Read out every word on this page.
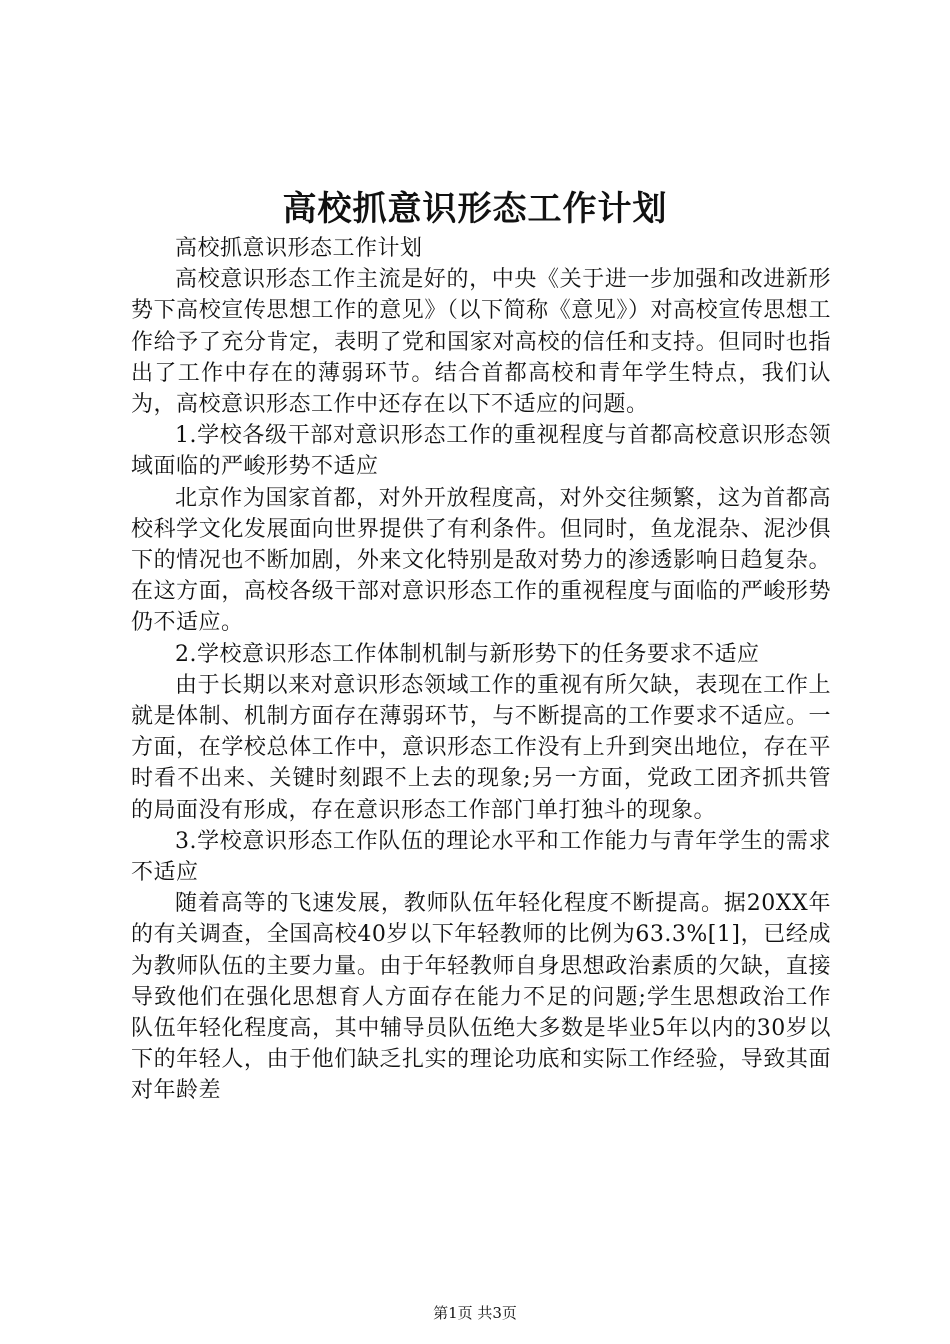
高校抓意识形态工作计划

高校抓意识形态工作计划

高校意识形态工作主流是好的，中央《关于进一步加强和改进新形势下高校宣传思想工作的意见》（以下简称《意见》）对高校宣传思想工作给予了充分肯定，表明了党和国家对高校的信任和支持。但同时也指出了工作中存在的薄弱环节。结合首都高校和青年学生特点，我们认为，高校意识形态工作中还存在以下不适应的问题。

1.学校各级干部对意识形态工作的重视程度与首都高校意识形态领域面临的严峻形势不适应

北京作为国家首都，对外开放程度高，对外交往频繁，这为首都高校科学文化发展面向世界提供了有利条件。但同时，鱼龙混杂、泥沙俱下的情况也不断加剧，外来文化特别是敌对势力的渗透影响日趋复杂。在这方面，高校各级干部对意识形态工作的重视程度与面临的严峻形势仍不适应。

2.学校意识形态工作体制机制与新形势下的任务要求不适应

由于长期以来对意识形态领域工作的重视有所欠缺，表现在工作上就是体制、机制方面存在薄弱环节，与不断提高的工作要求不适应。一方面，在学校总体工作中，意识形态工作没有上升到突出地位，存在平时看不出来、关键时刻跟不上去的现象;另一方面，党政工团齐抓共管的局面没有形成，存在意识形态工作部门单打独斗的现象。

3.学校意识形态工作队伍的理论水平和工作能力与青年学生的需求不适应

随着高等的飞速发展，教师队伍年轻化程度不断提高。据20XX年的有关调查，全国高校40岁以下年轻教师的比例为63.3%[1]，已经成为教师队伍的主要力量。由于年轻教师自身思想政治素质的欠缺，直接导致他们在强化思想育人方面存在能力不足的问题;学生思想政治工作队伍年轻化程度高，其中辅导员队伍绝大多数是毕业5年以内的30岁以下的年轻人，由于他们缺乏扎实的理论功底和实际工作经验，导致其面对年龄差

第1页 共3页
